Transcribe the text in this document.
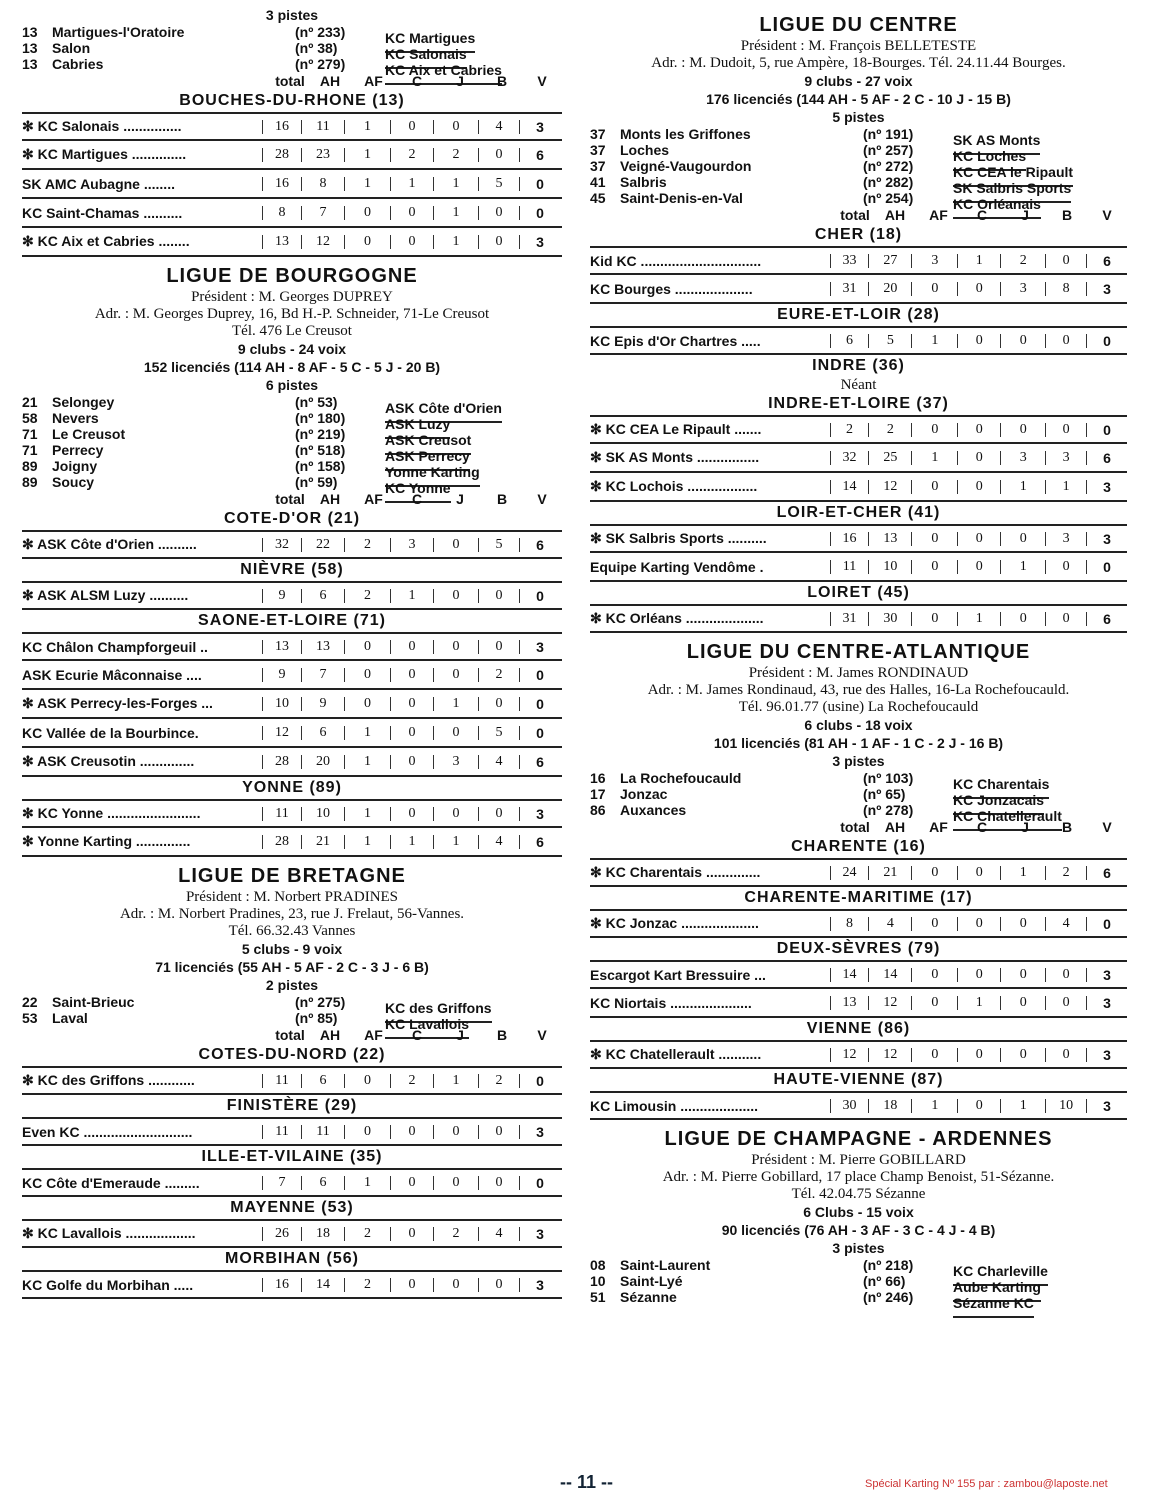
3 pistes
13	Martigues-l'Oratoire	(nº 233)	KC Martigues
13	Salon	(nº 38)	KC Salonais
13	Cabries	(nº 279)	KC Aix et Cabries
total	AH	AF	C	J	B	V
BOUCHES-DU-RHONE (13)
✻ KC Salonais ...............	16	11	1	0	0	4	3
✻ KC Martigues ..............	28	23	1	2	2	0	6
SK AMC Aubagne ........	16	8	1	1	1	5	0
KC Saint-Chamas ..........	8	7	0	0	1	0	0
✻ KC Aix et Cabries ........	13	12	0	0	1	0	3
LIGUE DE BOURGOGNE
Président : M. Georges DUPREY
Adr. : M. Georges Duprey, 16, Bd H.-P. Schneider, 71-Le Creusot
Tél. 476 Le Creusot
9 clubs - 24 voix
152 licenciés (114 AH - 8 AF - 5 C - 5 J - 20 B)
6 pistes
21	Selongey	(nº 53)	ASK Côte d'Orien
58	Nevers	(nº 180)	ASK Luzy
71	Le Creusot	(nº 219)	ASK Creusot
71	Perrecy	(nº 518)	ASK Perrecy
89	Joigny	(nº 158)	Yonne Karting
89	Soucy	(nº 59)	KC Yonne
total	AH	AF	C	J	B	V
COTE-D'OR (21)
✻ ASK Côte d'Orien ..........	32	22	2	3	0	5	6
NIÈVRE (58)
✻ ASK ALSM Luzy ..........	9	6	2	1	0	0	0
SAONE-ET-LOIRE (71)
KC Châlon Champforgeuil ..	13	13	0	0	0	0	3
ASK Ecurie Mâconnaise ....	9	7	0	0	0	2	0
✻ ASK Perrecy-les-Forges ...	10	9	0	0	1	0	0
KC Vallée de la Bourbince.	12	6	1	0	0	5	0
✻ ASK Creusotin ..............	28	20	1	0	3	4	6
YONNE (89)
✻ KC Yonne ........................	11	10	1	0	0	0	3
✻ Yonne Karting ..............	28	21	1	1	1	4	6
LIGUE DE BRETAGNE
Président : M. Norbert PRADINES
Adr. : M. Norbert Pradines, 23, rue J. Frelaut, 56-Vannes.
Tél. 66.32.43 Vannes
5 clubs - 9 voix
71 licenciés (55 AH - 5 AF - 2 C - 3 J - 6 B)
2 pistes
22	Saint-Brieuc	(nº 275)	KC des Griffons
53	Laval	(nº 85)	KC Lavallois
total	AH	AF	C	J	B	V
COTES-DU-NORD (22)
✻ KC des Griffons ............	11	6	0	2	1	2	0
FINISTÈRE (29)
Even KC ............................	11	11	0	0	0	0	3
ILLE-ET-VILAINE (35)
KC Côte d'Emeraude .........	7	6	1	0	0	0	0
MAYENNE (53)
✻ KC Lavallois ..................	26	18	2	0	2	4	3
MORBIHAN (56)
KC Golfe du Morbihan .....	16	14	2	0	0	0	3
LIGUE DU CENTRE
Président : M. François BELLETESTE
Adr. : M. Dudoit, 5, rue Ampère, 18-Bourges. Tél. 24.11.44 Bourges.
9 clubs - 27 voix
176 licenciés (144 AH - 5 AF - 2 C - 10 J - 15 B)
5 pistes
37	Monts les Griffones	(nº 191)	SK AS Monts
37	Loches	(nº 257)	KC Loches
37	Veigné-Vaugourdon	(nº 272)	KC CEA le Ripault
41	Salbris	(nº 282)	SK Salbris Sports
45	Saint-Denis-en-Val	(nº 254)	KC Orléanais
total	AH	AF	C	J	B	V
CHER (18)
Kid KC ...............................	33	27	3	1	2	0	6
KC Bourges ....................	31	20	0	0	3	8	3
EURE-ET-LOIR (28)
KC Epis d'Or Chartres .....	6	5	1	0	0	0	0
INDRE (36)
Néant
INDRE-ET-LOIRE (37)
✻ KC CEA Le Ripault .......	2	2	0	0	0	0	0
✻ SK AS Monts ................	32	25	1	0	3	3	6
✻ KC Lochois ..................	14	12	0	0	1	1	3
LOIR-ET-CHER (41)
✻ SK Salbris Sports ..........	16	13	0	0	0	3	3
Equipe Karting Vendôme .	11	10	0	0	1	0	0
LOIRET (45)
✻ KC Orléans ....................	31	30	0	1	0	0	6
LIGUE DU CENTRE-ATLANTIQUE
Président : M. James RONDINAUD
Adr. : M. James Rondinaud, 43, rue des Halles, 16-La Rochefoucauld.
Tél. 96.01.77 (usine) La Rochefoucauld
6 clubs - 18 voix
101 licenciés (81 AH - 1 AF - 1 C - 2 J - 16 B)
3 pistes
16	La Rochefoucauld	(nº 103)	KC Charentais
17	Jonzac	(nº 65)	KC Jonzacais
86	Auxances	(nº 278)	KC Chatellerault
total	AH	AF	C	J	B	V
CHARENTE (16)
✻ KC Charentais ..............	24	21	0	0	1	2	6
CHARENTE-MARITIME (17)
✻ KC Jonzac ....................	8	4	0	0	0	4	0
DEUX-SÈVRES (79)
Escargot Kart Bressuire ...	14	14	0	0	0	0	3
KC Niortais .....................	13	12	0	1	0	0	3
VIENNE (86)
✻ KC Chatellerault ...........	12	12	0	0	0	0	3
HAUTE-VIENNE (87)
KC Limousin ....................	30	18	1	0	1	10	3
LIGUE DE CHAMPAGNE - ARDENNES
Président : M. Pierre GOBILLARD
Adr. : M. Pierre Gobillard, 17 place Champ Benoist, 51-Sézanne.
Tél. 42.04.75 Sézanne
6 Clubs - 15 voix
90 licenciés (76 AH - 3 AF - 3 C - 4 J - 4 B)
3 pistes
08	Saint-Laurent	(nº 218)	KC Charleville
10	Saint-Lyé	(nº 66)	Aube Karting
51	Sézanne	(nº 246)	Sézanne KC
-- 11 --	Spécial Karting Nº 155 par : zambou@laposte.net
